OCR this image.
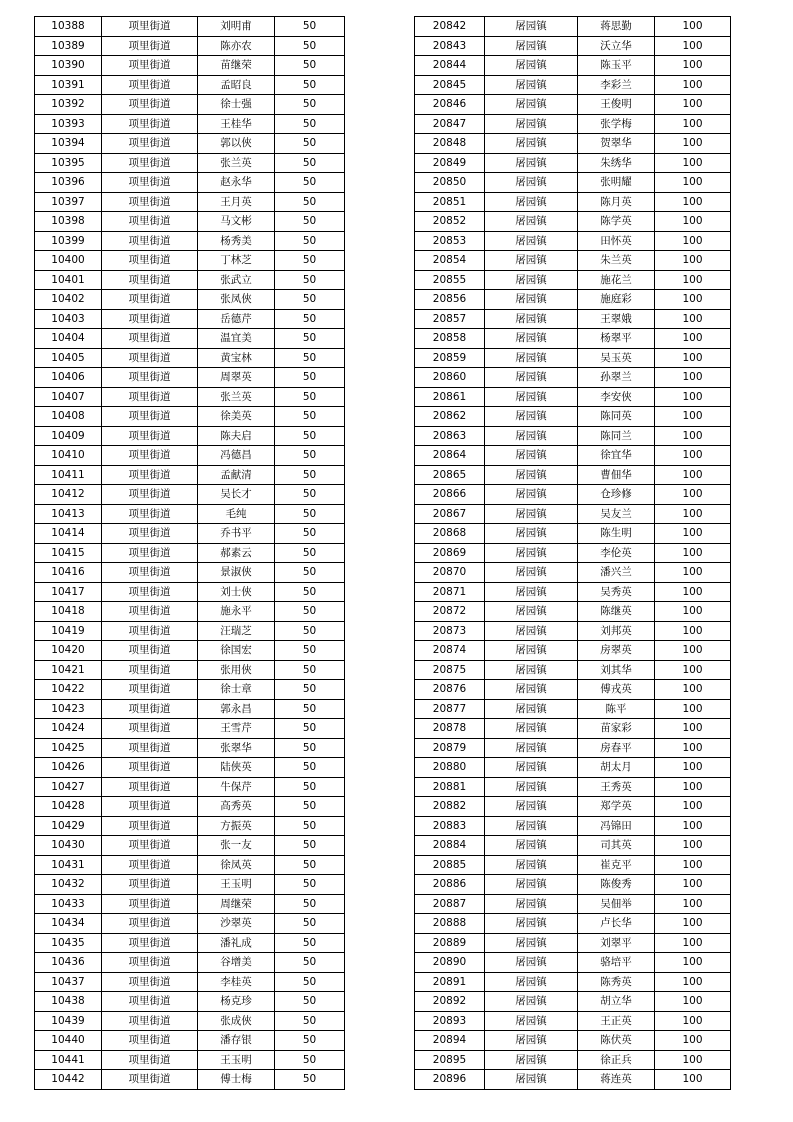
10388	项里街道	刘明甫	50
10389	项里街道	陈亦农	50
10390	项里街道	苗继荣	50
10391	项里街道	孟昭良	50
10392	项里街道	徐士强	50
10393	项里街道	王桂华	50
10394	项里街道	郭以俠	50
10395	项里街道	张兰英	50
10396	项里街道	赵永华	50
10397	项里街道	王月英	50
10398	项里街道	马文彬	50
10399	项里街道	杨秀美	50
10400	项里街道	丁林芝	50
10401	项里街道	张武立	50
10402	项里街道	张凤俠	50
10403	项里街道	岳德芹	50
10404	项里街道	温宜美	50
10405	项里街道	黄宝林	50
10406	项里街道	周翠英	50
10407	项里街道	张兰英	50
10408	项里街道	徐美英	50
10409	项里街道	陈夫启	50
10410	项里街道	冯德昌	50
10411	项里街道	孟献清	50
10412	项里街道	吴长才	50
10413	项里街道	毛纯	50
10414	项里街道	乔书平	50
10415	项里街道	郝素云	50
10416	项里街道	景淑俠	50
10417	项里街道	刘士俠	50
10418	项里街道	施永平	50
10419	项里街道	汪瑞芝	50
10420	项里街道	徐国宏	50
10421	项里街道	张用俠	50
10422	项里街道	徐士章	50
10423	项里街道	郭永昌	50
10424	项里街道	王雪芹	50
10425	项里街道	张翠华	50
10426	项里街道	陆俠英	50
10427	项里街道	牛保芹	50
10428	项里街道	高秀英	50
10429	项里街道	方振英	50
10430	项里街道	张一友	50
10431	项里街道	徐凤英	50
10432	项里街道	王玉明	50
10433	项里街道	周继荣	50
10434	项里街道	沙翠英	50
10435	项里街道	潘礼成	50
10436	项里街道	谷增美	50
10437	项里街道	李桂英	50
10438	项里街道	杨克珍	50
10439	项里街道	张成俠	50
10440	项里街道	潘存银	50
10441	项里街道	王玉明	50
10442	项里街道	傅士梅	50
20842	屠园镇	蒋思勤	100
20843	屠园镇	沃立华	100
20844	屠园镇	陈玉平	100
20845	屠园镇	李彩兰	100
20846	屠园镇	王俊明	100
20847	屠园镇	张学梅	100
20848	屠园镇	贺翠华	100
20849	屠园镇	朱绣华	100
20850	屠园镇	张明耀	100
20851	屠园镇	陈月英	100
20852	屠园镇	陈学英	100
20853	屠园镇	田怀英	100
20854	屠园镇	朱兰英	100
20855	屠园镇	施花兰	100
20856	屠园镇	施庭彩	100
20857	屠园镇	王翠娥	100
20858	屠园镇	杨翠平	100
20859	屠园镇	吴玉英	100
20860	屠园镇	孙翠兰	100
20861	屠园镇	李安俠	100
20862	屠园镇	陈同英	100
20863	屠园镇	陈同兰	100
20864	屠园镇	徐宜华	100
20865	屠园镇	曹佃华	100
20866	屠园镇	仓珍修	100
20867	屠园镇	吴友兰	100
20868	屠园镇	陈生明	100
20869	屠园镇	李伦英	100
20870	屠园镇	潘兴兰	100
20871	屠园镇	吴秀英	100
20872	屠园镇	陈继英	100
20873	屠园镇	刘邦英	100
20874	屠园镇	房翠英	100
20875	屠园镇	刘其华	100
20876	屠园镇	傅戎英	100
20877	屠园镇	陈平	100
20878	屠园镇	苗家彩	100
20879	屠园镇	房春平	100
20880	屠园镇	胡太月	100
20881	屠园镇	王秀英	100
20882	屠园镇	郑学英	100
20883	屠园镇	冯锦田	100
20884	屠园镇	司其英	100
20885	屠园镇	崔克平	100
20886	屠园镇	陈俊秀	100
20887	屠园镇	吴佃举	100
20888	屠园镇	卢长华	100
20889	屠园镇	刘翠平	100
20890	屠园镇	骆培平	100
20891	屠园镇	陈秀英	100
20892	屠园镇	胡立华	100
20893	屠园镇	王正英	100
20894	屠园镇	陈伏英	100
20895	屠园镇	徐正兵	100
20896	屠园镇	蒋连英	100
